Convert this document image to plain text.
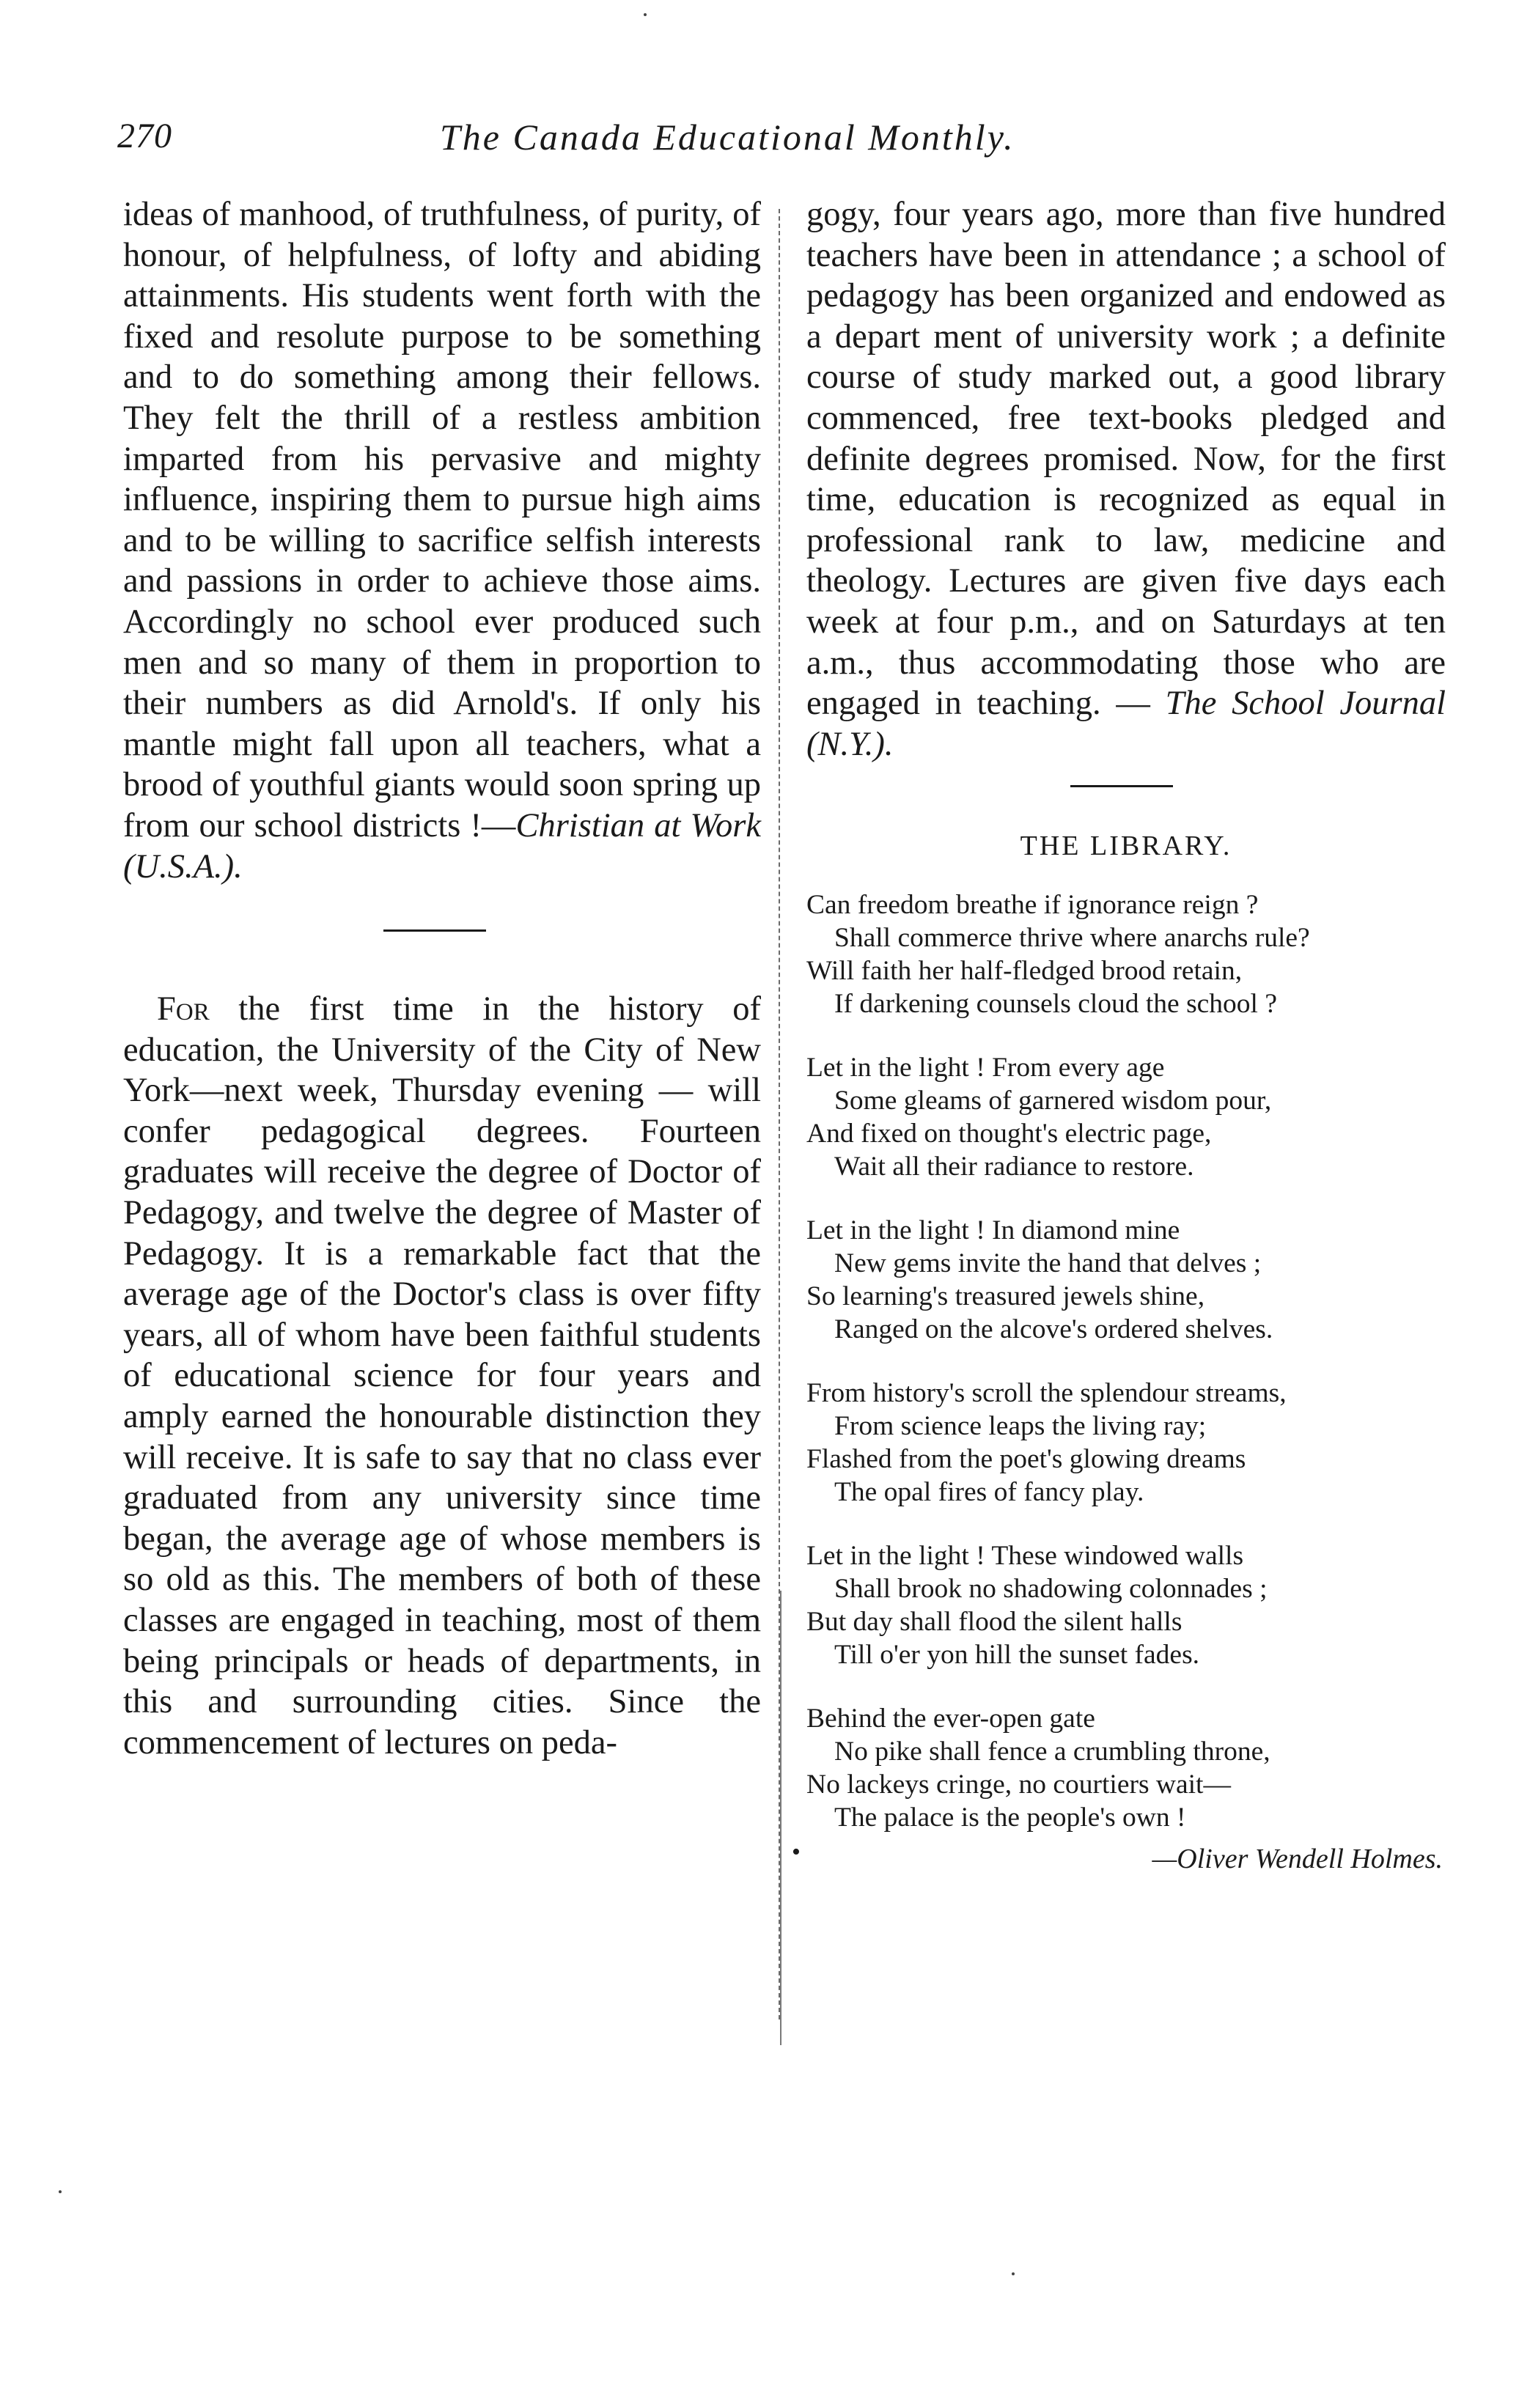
270	The Canada Educational Monthly.

ideas of manhood, of truthfulness, of purity, of honour, of helpfulness, of lofty and abiding attainments. His students went forth with the fixed and resolute purpose to be something and to do something among their fellows. They felt the thrill of a restless ambition imparted from his pervasive and mighty influence, inspiring them to pursue high aims and to be willing to sacrifice selfish interests and passions in order to achieve those aims. Accordingly no school ever produced such men and so many of them in proportion to their numbers as did Arnold's. If only his mantle might fall upon all teachers, what a brood of youthful giants would soon spring up from our school districts !—Christian at Work (U.S.A.).

For the first time in the history of education, the University of the City of New York—next week, Thursday evening — will confer pedagogical degrees. Fourteen graduates will receive the degree of Doctor of Pedagogy, and twelve the degree of Master of Pedagogy. It is a remarkable fact that the average age of the Doctor's class is over fifty years, all of whom have been faithful students of educational science for four years and amply earned the honourable distinction they will receive. It is safe to say that no class ever graduated from any university since time began, the average age of whose members is so old as this. The members of both of these classes are engaged in teaching, most of them being principals or heads of departments, in this and surrounding cities. Since the commencement of lectures on peda-

•

gogy, four years ago, more than five hundred teachers have been in attendance ; a school of pedagogy has been organized and endowed as a depart ment of university work ; a definite course of study marked out, a good library commenced, free text-books pledged and definite degrees promised. Now, for the first time, education is recognized as equal in professional rank to law, medicine and theology. Lectures are given five days each week at four p.m., and on Saturdays at ten a.m., thus accommodating those who are engaged in teaching. — The School Journal (N.Y.).

THE LIBRARY.
Can freedom breathe if ignorance reign ?
Shall commerce thrive where anarchs rule?
Will faith her half-fledged brood retain,
If darkening counsels cloud the school ?
Let in the light ! From every age
Some gleams of garnered wisdom pour,
And fixed on thought's electric page,
Wait all their radiance to restore.
Let in the light ! In diamond mine
New gems invite the hand that delves ;
So learning's treasured jewels shine,
Ranged on the alcove's ordered shelves.
From history's scroll the splendour streams,
From science leaps the living ray;
Flashed from the poet's glowing dreams
The opal fires of fancy play.
Let in the light ! These windowed walls
Shall brook no shadowing colonnades ;
But day shall flood the silent halls
Till o'er yon hill the sunset fades.
Behind the ever-open gate
No pike shall fence a crumbling throne,
No lackeys cringe, no courtiers wait—
The palace is the people's own !
—Oliver Wendell Holmes.
